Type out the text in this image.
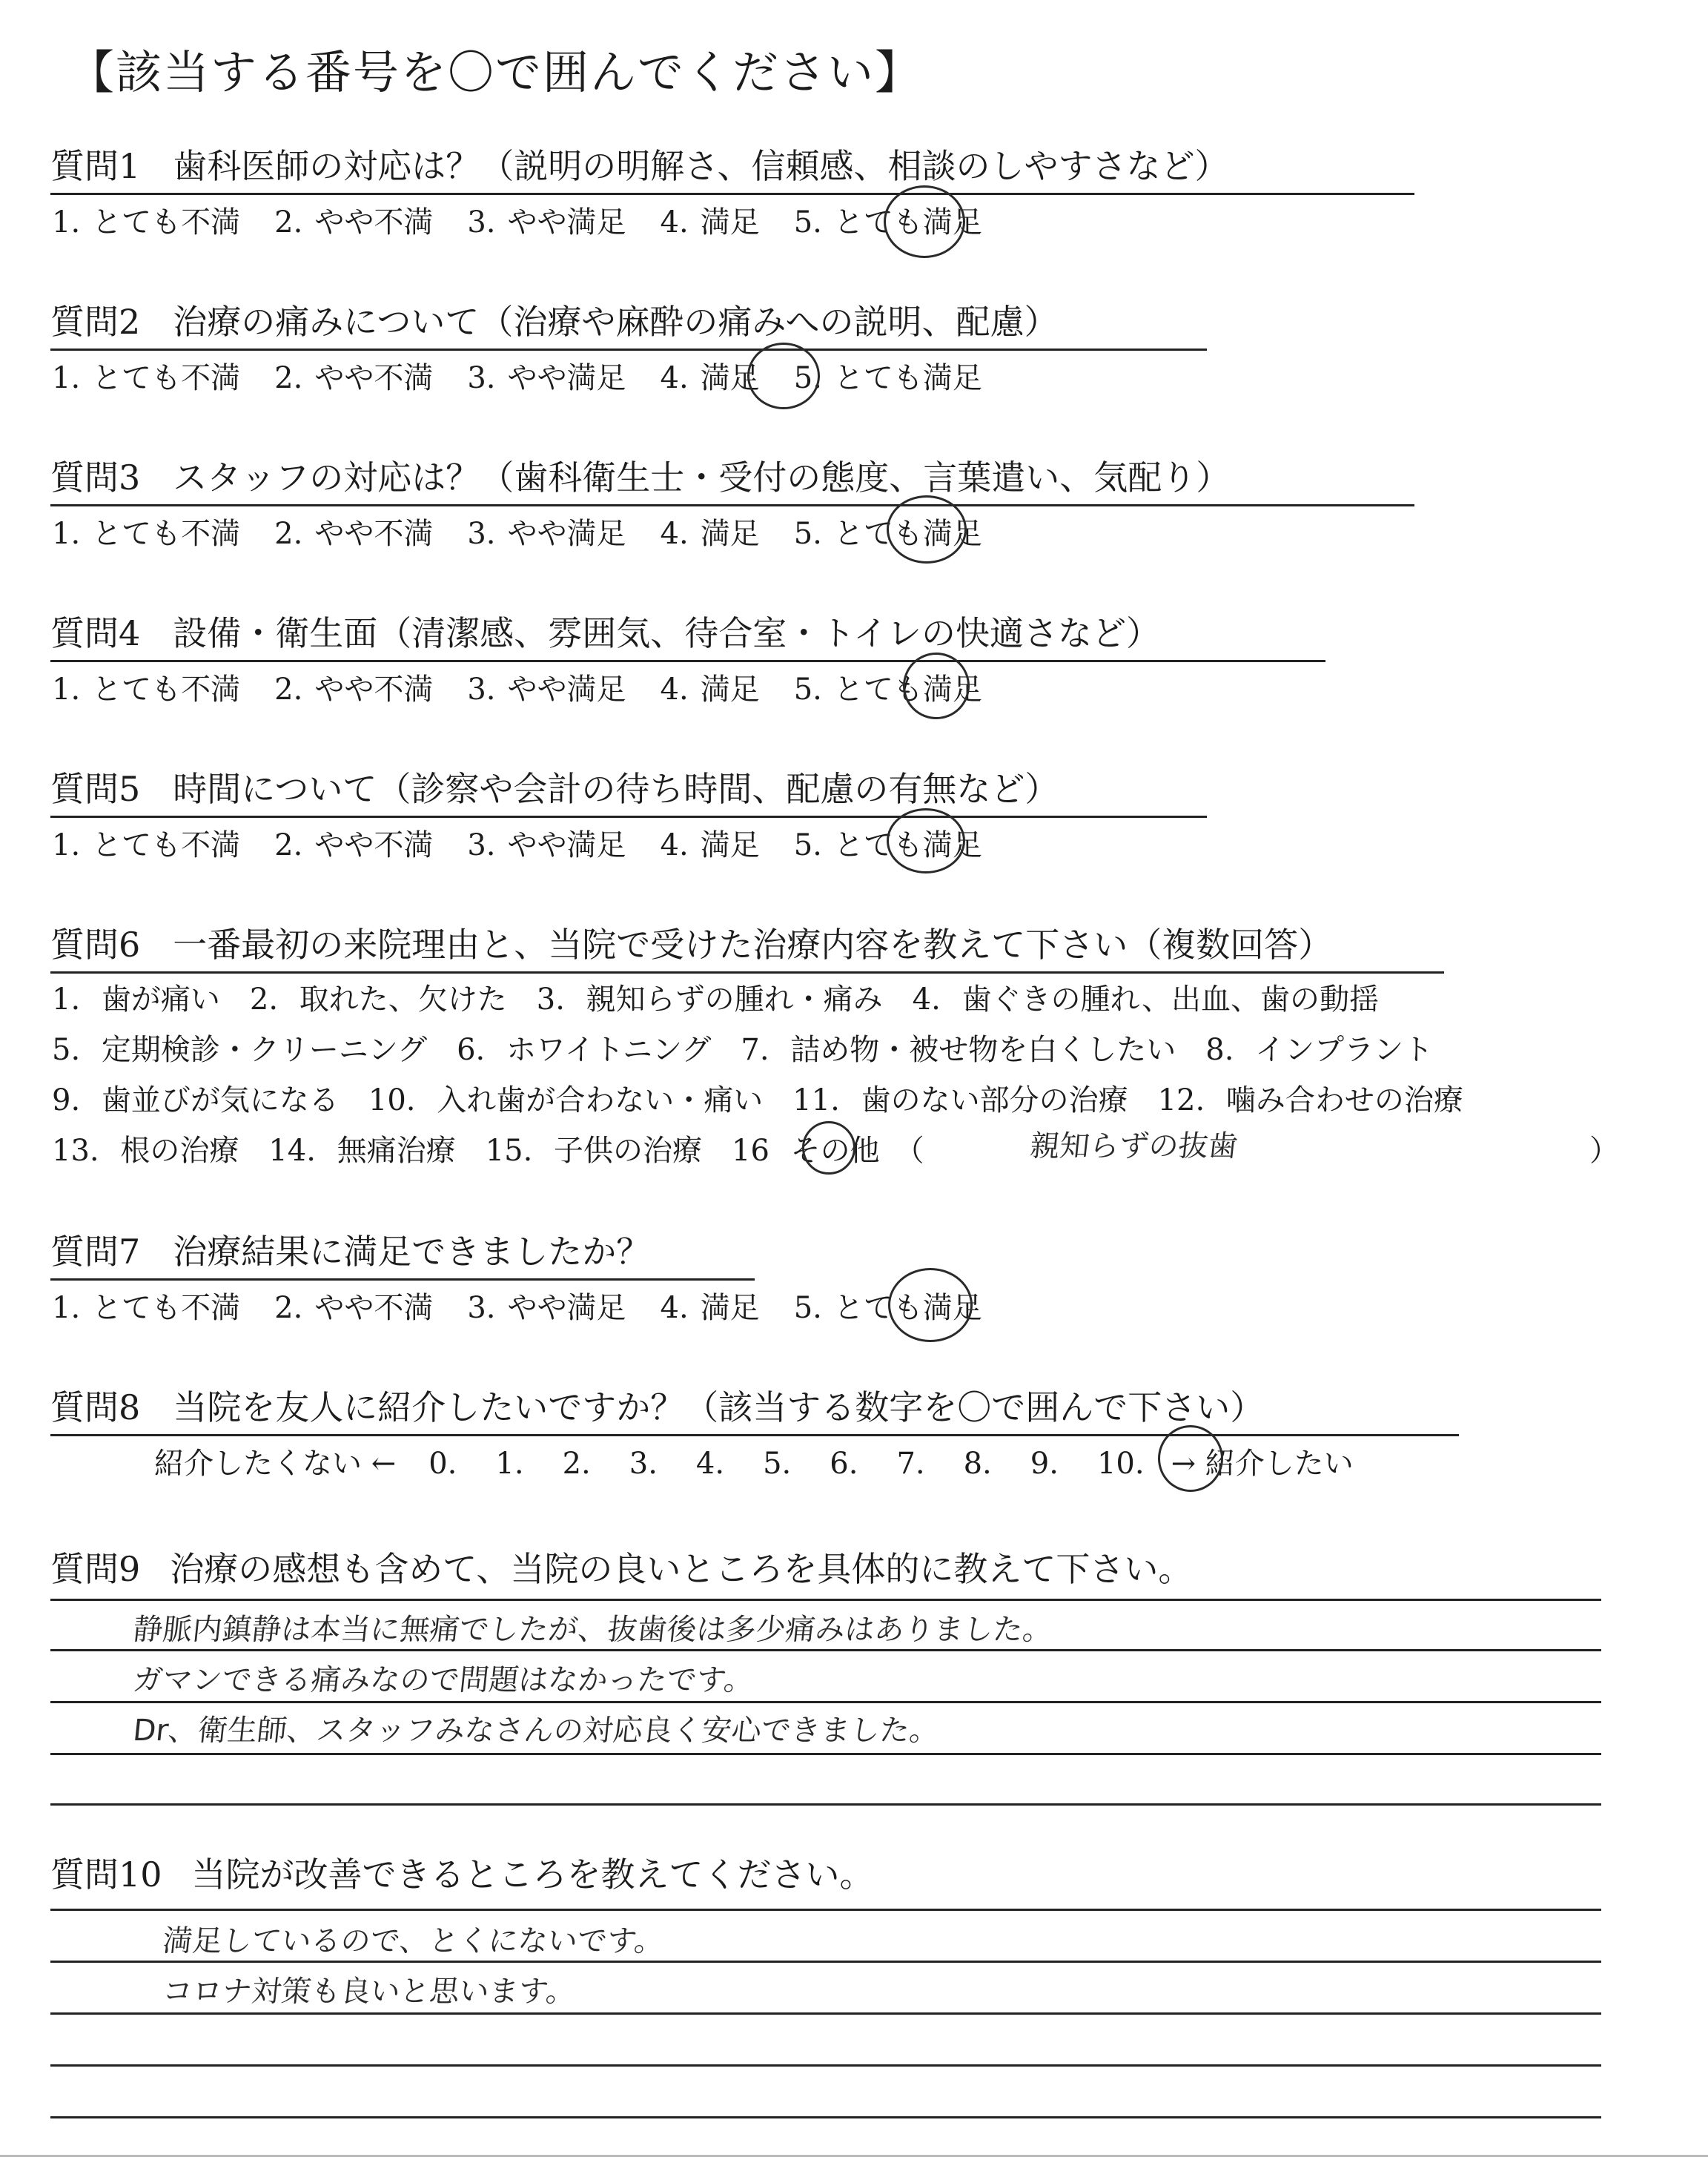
【該当する番号を〇で囲んでください】
質問1 歯科医師の対応は？（説明の明解さ、信頼感、相談のしやすさなど）
1. とても不満 2. やや不満 3. やや満足 4. 満足 5. とても満足
質問2 治療の痛みについて（治療や麻酔の痛みへの説明、配慮）
1. とても不満 2. やや不満 3. やや満足 4. 満足 5. とても満足
質問3 スタッフの対応は？（歯科衛生士・受付の態度、言葉遣い、気配り）
1. とても不満 2. やや不満 3. やや満足 4. 満足 5. とても満足
質問4 設備・衛生面（清潔感、雰囲気、待合室・トイレの快適さなど）
1. とても不満 2. やや不満 3. やや満足 4. 満足 5. とても満足
質問5 時間について（診察や会計の待ち時間、配慮の有無など）
1. とても不満 2. やや不満 3. やや満足 4. 満足 5. とても満足
質問6 一番最初の来院理由と、当院で受けた治療内容を教えて下さい（複数回答）
1. 歯が痛い 2. 取れた、欠けた 3. 親知らずの腫れ・痛み 4. 歯ぐきの腫れ、出血、歯の動揺
5. 定期検診・クリーニング 6. ホワイトニング 7. 詰め物・被せ物を白くしたい 8. インプラント
9. 歯並びが気になる 10. 入れ歯が合わない・痛い 11. 歯のない部分の治療 12. 噛み合わせの治療
13. 根の治療 14. 無痛治療 15. 子供の治療 16 その他 （	親知らずの抜歯	）
質問7 治療結果に満足できましたか？
1. とても不満 2. やや不満 3. やや満足 4. 満足 5. とても満足
質問8 当院を友人に紹介したいですか？（該当する数字を〇で囲んで下さい）
紹介したくない ← 0. 1. 2. 3. 4. 5. 6. 7. 8. 9. 10. → 紹介したい
質問9 治療の感想も含めて、当院の良いところを具体的に教えて下さい。
静脈内鎮静は本当に無痛でしたが、抜歯後は多少痛みはありました。
ガマンできる痛みなので問題はなかったです。
Dr、衛生師、スタッフみなさんの対応良く安心できました。
質問10 当院が改善できるところを教えてください。
満足しているので、とくにないです。
コロナ対策も良いと思います。
